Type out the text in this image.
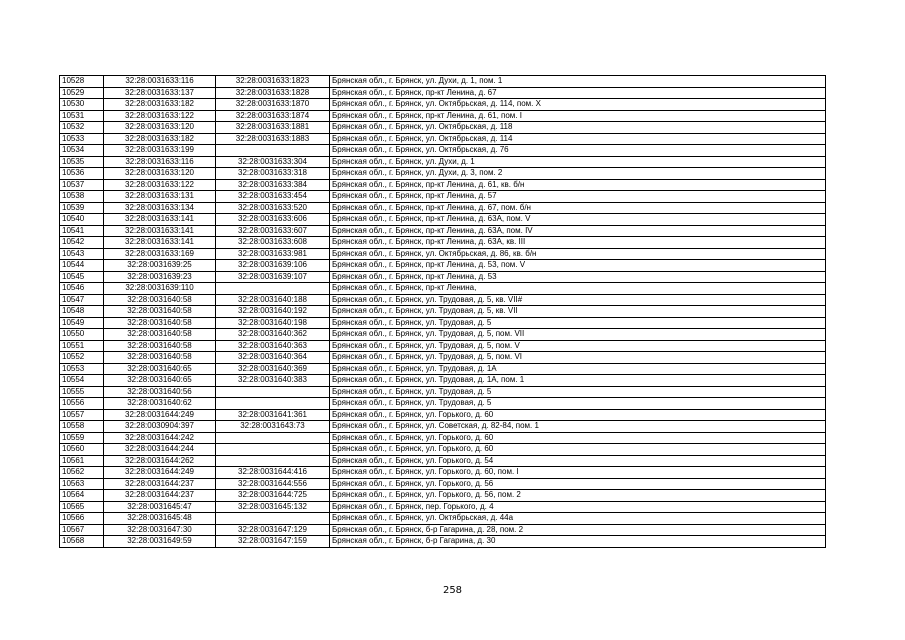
10528	32:28:0031633:116	32:28:0031633:1823	Брянская обл., г. Брянск, ул. Духи, д. 1, пом. 1
10529	32:28:0031633:137	32:28:0031633:1828	Брянская обл., г. Брянск, пр-кт Ленина, д. 67
10530	32:28:0031633:182	32:28:0031633:1870	Брянская обл., г. Брянск, ул. Октябрьская, д. 114, пом. X
10531	32:28:0031633:122	32:28:0031633:1874	Брянская обл., г. Брянск, пр-кт Ленина, д. 61, пом. I
10532	32:28:0031633:120	32:28:0031633:1881	Брянская обл., г. Брянск, ул. Октябрьская, д. 118
10533	32:28:0031633:182	32:28:0031633:1883	Брянская обл., г. Брянск, ул. Октябрьская, д. 114
10534	32:28:0031633:199		Брянская обл., г. Брянск, ул. Октябрьская, д. 76
10535	32:28:0031633:116	32:28:0031633:304	Брянская обл., г. Брянск, ул. Духи, д. 1
10536	32:28:0031633:120	32:28:0031633:318	Брянская обл., г. Брянск, ул. Духи, д. 3, пом. 2
10537	32:28:0031633:122	32:28:0031633:384	Брянская обл., г. Брянск, пр-кт Ленина, д. 61, кв. б/н
10538	32:28:0031633:131	32:28:0031633:454	Брянская обл., г. Брянск, пр-кт Ленина, д. 57
10539	32:28:0031633:134	32:28:0031633:520	Брянская обл., г. Брянск, пр-кт Ленина, д. 67, пом. б/н
10540	32:28:0031633:141	32:28:0031633:606	Брянская обл., г. Брянск, пр-кт Ленина, д. 63А, пом. V
10541	32:28:0031633:141	32:28:0031633:607	Брянская обл., г. Брянск, пр-кт Ленина, д. 63А, пом. IV
10542	32:28:0031633:141	32:28:0031633:608	Брянская обл., г. Брянск, пр-кт Ленина, д. 63А, кв. III
10543	32:28:0031633:169	32:28:0031633:981	Брянская обл., г. Брянск, ул. Октябрьская, д. 86, кв. б/н
10544	32:28:0031639:25	32:28:0031639:106	Брянская обл., г. Брянск, пр-кт Ленина, д. 53, пом. V
10545	32:28:0031639:23	32:28:0031639:107	Брянская обл., г. Брянск, пр-кт Ленина, д. 53
10546	32:28:0031639:110		Брянская обл., г. Брянск, пр-кт Ленина,
10547	32:28:0031640:58	32:28:0031640:188	Брянская обл., г. Брянск, ул. Трудовая, д. 5, кв. VII#
10548	32:28:0031640:58	32:28:0031640:192	Брянская обл., г. Брянск, ул. Трудовая, д. 5, кв. VII
10549	32:28:0031640:58	32:28:0031640:198	Брянская обл., г. Брянск, ул. Трудовая, д. 5
10550	32:28:0031640:58	32:28:0031640:362	Брянская обл., г. Брянск, ул. Трудовая, д. 5, пом. VII
10551	32:28:0031640:58	32:28:0031640:363	Брянская обл., г. Брянск, ул. Трудовая, д. 5, пом. V
10552	32:28:0031640:58	32:28:0031640:364	Брянская обл., г. Брянск, ул. Трудовая, д. 5, пом. VI
10553	32:28:0031640:65	32:28:0031640:369	Брянская обл., г. Брянск, ул. Трудовая, д. 1А
10554	32:28:0031640:65	32:28:0031640:383	Брянская обл., г. Брянск, ул. Трудовая, д. 1А, пом. 1
10555	32:28:0031640:56		Брянская обл., г. Брянск, ул. Трудовая, д. 5
10556	32:28:0031640:62		Брянская обл., г. Брянск, ул. Трудовая, д. 5
10557	32:28:0031644:249	32:28:0031641:361	Брянская обл., г. Брянск, ул. Горького, д. 60
10558	32:28:0030904:397	32:28:0031643:73	Брянская обл., г. Брянск, ул. Советская, д. 82-84, пом. 1
10559	32:28:0031644:242		Брянская обл., г. Брянск, ул. Горького, д. 60
10560	32:28:0031644:244		Брянская обл., г. Брянск, ул. Горького, д. 60
10561	32:28:0031644:262		Брянская обл., г. Брянск, ул. Горького, д. 54
10562	32:28:0031644:249	32:28:0031644:416	Брянская обл., г. Брянск, ул. Горького, д. 60, пом. I
10563	32:28:0031644:237	32:28:0031644:556	Брянская обл., г. Брянск, ул. Горького, д. 56
10564	32:28:0031644:237	32:28:0031644:725	Брянская обл., г. Брянск, ул. Горького, д. 56, пом. 2
10565	32:28:0031645:47	32:28:0031645:132	Брянская обл., г. Брянск, пер. Горького, д. 4
10566	32:28:0031645:48		Брянская обл., г. Брянск, ул. Октябрьская, д. 44а
10567	32:28:0031647:30	32:28:0031647:129	Брянская обл., г. Брянск, б-р Гагарина, д. 28, пом. 2
10568	32:28:0031649:59	32:28:0031647:159	Брянская обл., г. Брянск, б-р Гагарина, д. 30
258
